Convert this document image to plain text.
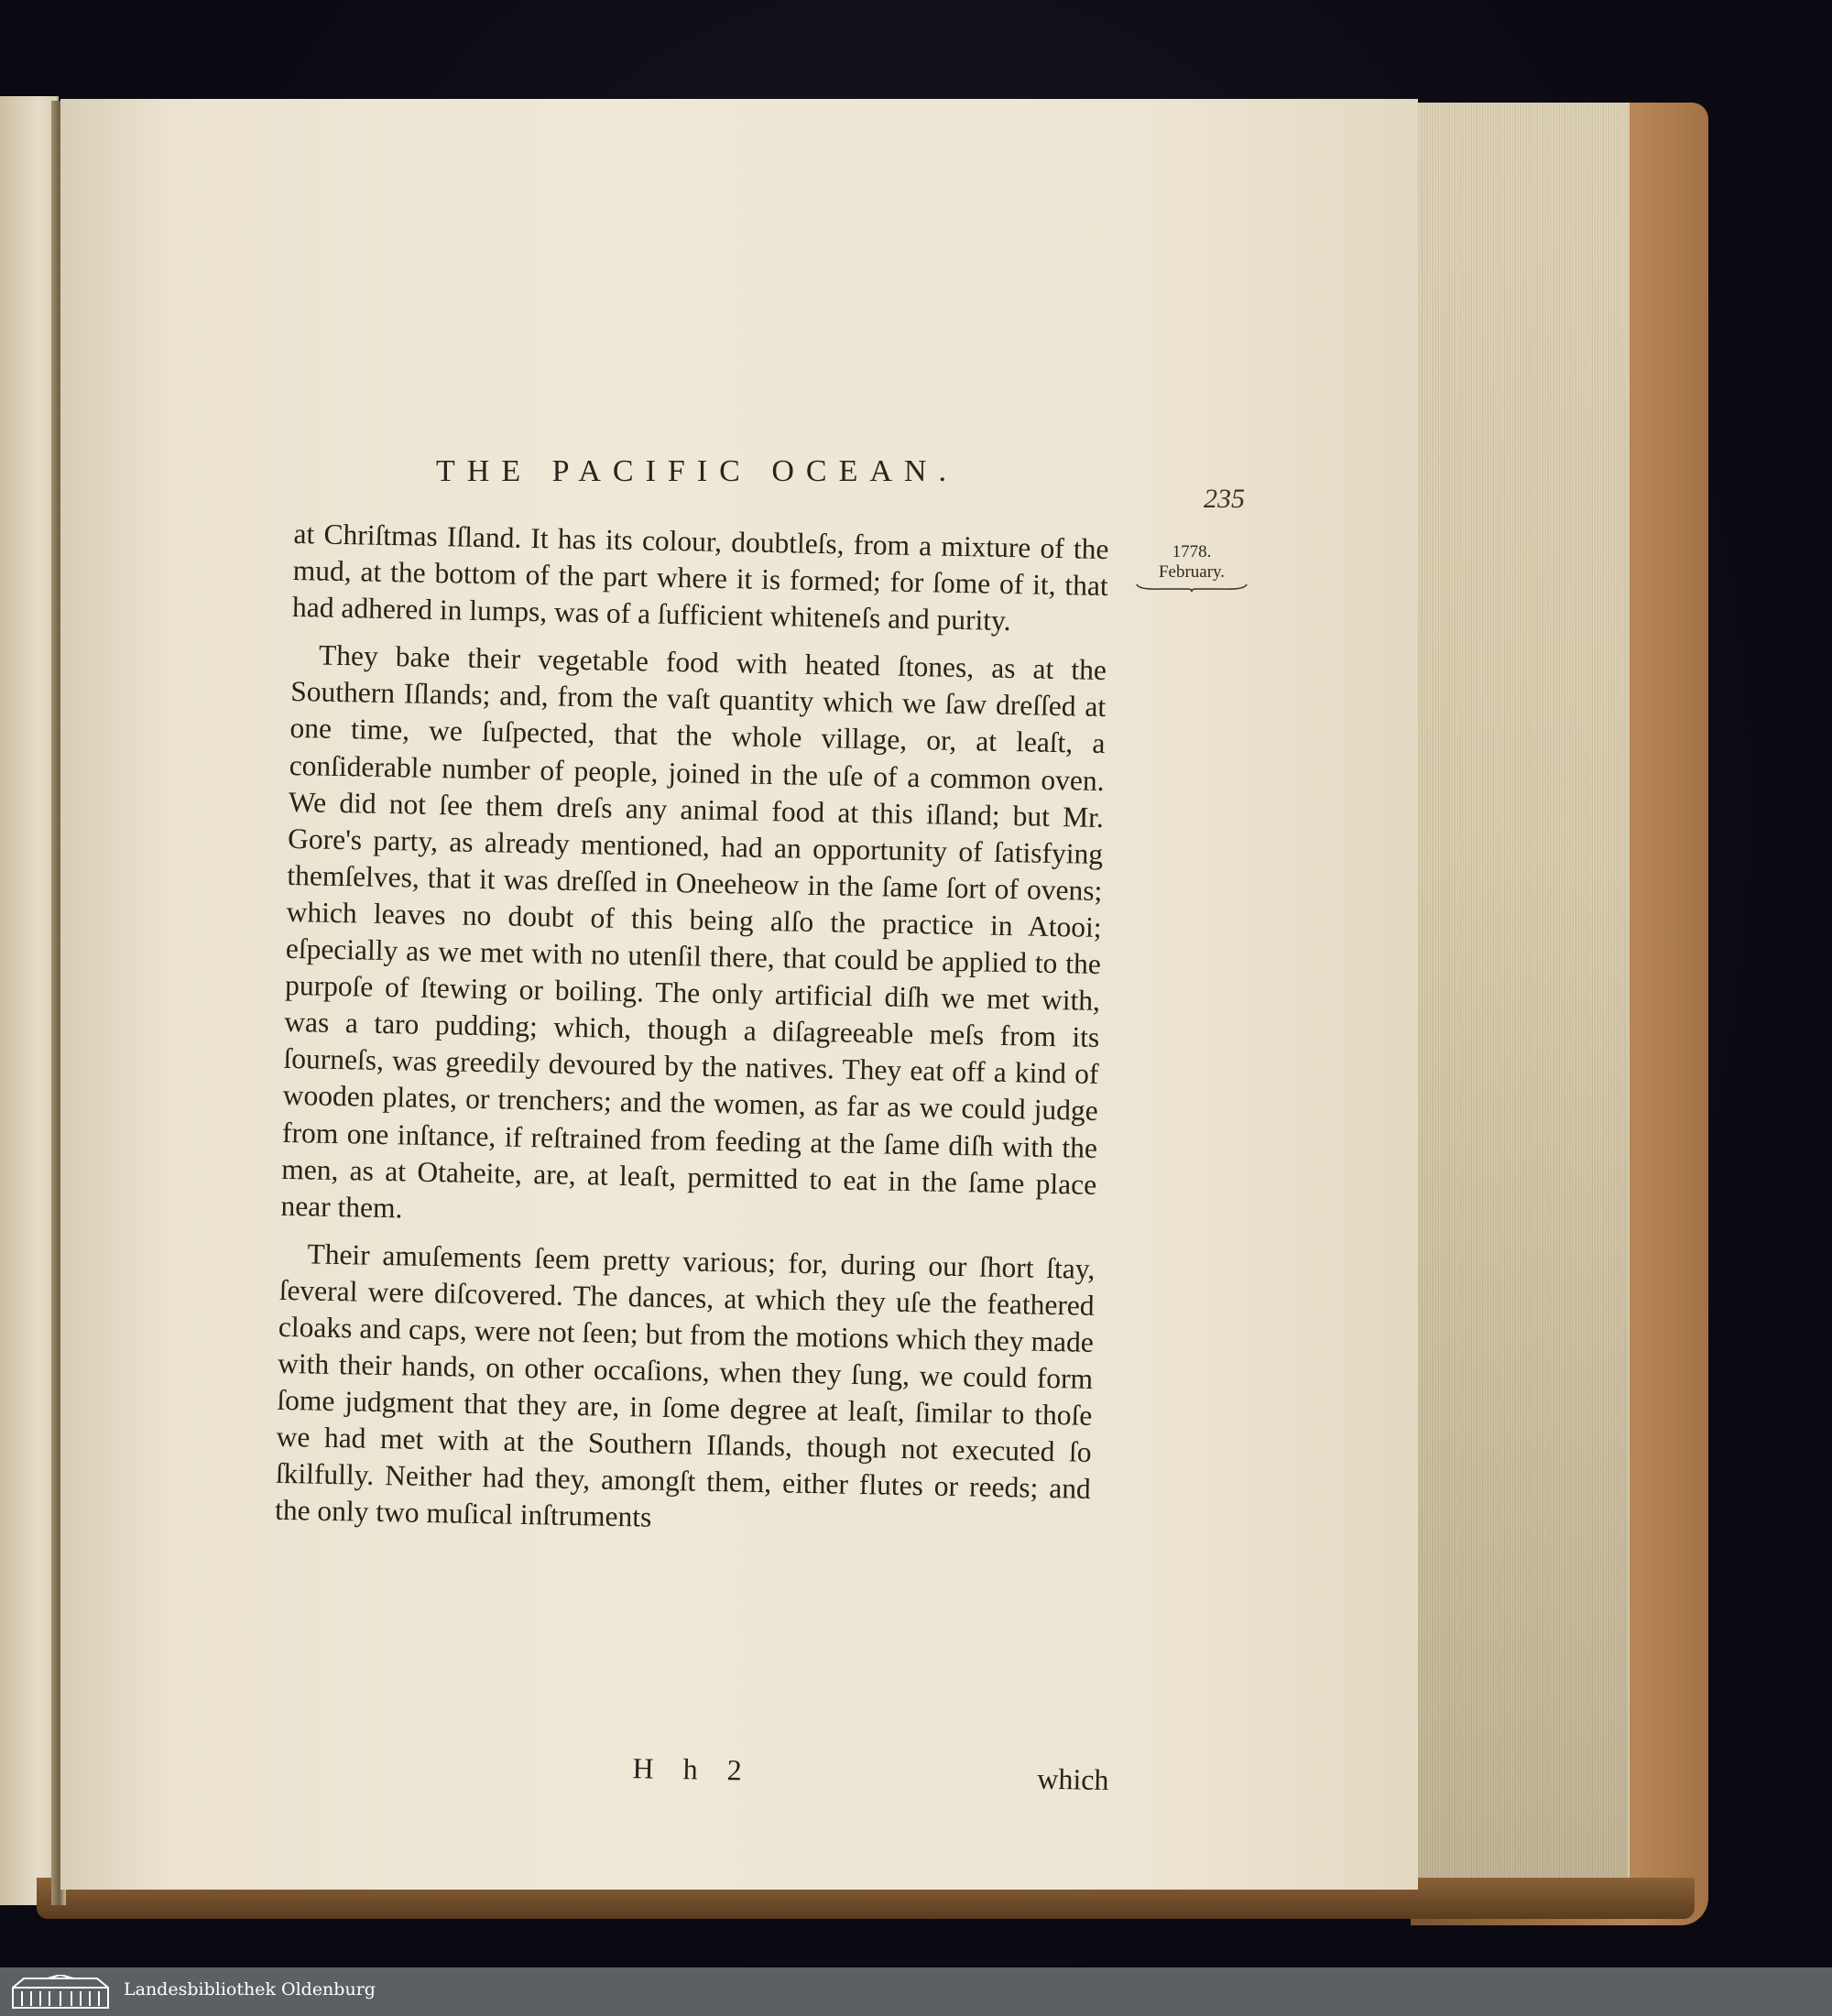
THE PACIFIC OCEAN.
235
1778.
February.

at Chriſtmas Iſland. It has its colour, doubtleſs, from a mixture of the mud, at the bottom of the part where it is formed; for ſome of it, that had adhered in lumps, was of a ſufficient whiteneſs and purity.

They bake their vegetable food with heated ſtones, as at the Southern Iſlands; and, from the vaſt quantity which we ſaw dreſſed at one time, we ſuſpected, that the whole village, or, at leaſt, a conſiderable number of people, joined in the uſe of a common oven. We did not ſee them dreſs any animal food at this iſland; but Mr. Gore's party, as already mentioned, had an opportunity of ſatisfying themſelves, that it was dreſſed in Oneeheow in the ſame ſort of ovens; which leaves no doubt of this being alſo the practice in Atooi; eſpecially as we met with no utenſil there, that could be applied to the purpoſe of ſtewing or boiling. The only artificial diſh we met with, was a taro pudding; which, though a diſagreeable meſs from its ſourneſs, was greedily devoured by the natives. They eat off a kind of wooden plates, or trenchers; and the women, as far as we could judge from one inſtance, if reſtrained from feeding at the ſame diſh with the men, as at Otaheite, are, at leaſt, permitted to eat in the ſame place near them.

Their amuſements ſeem pretty various; for, during our ſhort ſtay, ſeveral were diſcovered. The dances, at which they uſe the feathered cloaks and caps, were not ſeen; but from the motions which they made with their hands, on other occaſions, when they ſung, we could form ſome judgment that they are, in ſome degree at leaſt, ſimilar to thoſe we had met with at the Southern Iſlands, though not executed ſo ſkilfully. Neither had they, amongſt them, either flutes or reeds; and the only two muſical inſtruments

H h 2	which
Landesbibliothek Oldenburg
